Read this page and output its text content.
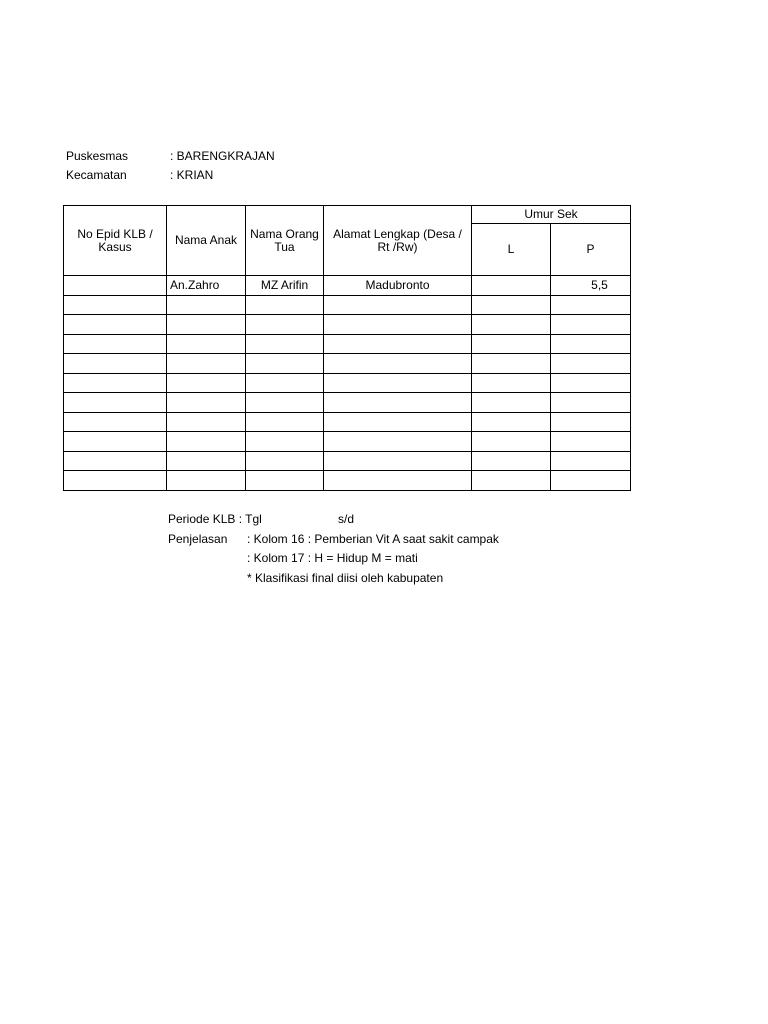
Puskesmas	: BARENGKRAJAN
Kecamatan	: KRIAN
No Epid KLB / Kasus	Nama Anak	Nama Orang Tua	Alamat Lengkap (Desa / Rt /Rw)	Umur Sek	
				L	P
	An.Zahro	MZ Arifin	Madubronto		5,5

Periode KLB : Tgl	s/d
Penjelasan : Kolom 16 : Pemberian Vit A saat sakit campak
: Kolom 17 : H = Hidup M = mati
* Klasifikasi final diisi oleh kabupaten
